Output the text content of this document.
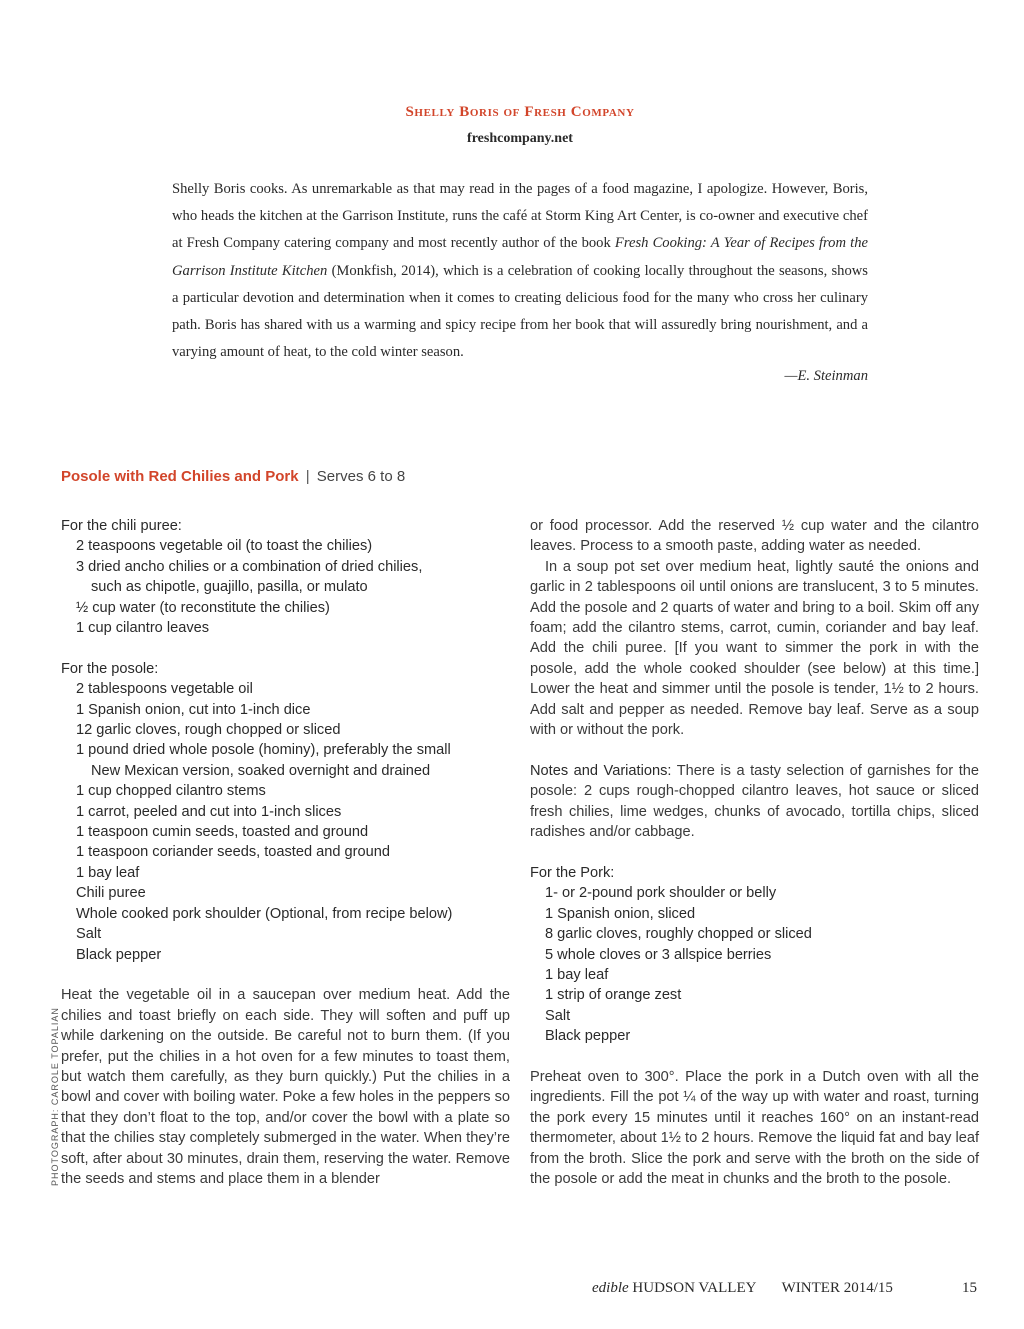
Shelly Boris of Fresh Company
freshcompany.net
Shelly Boris cooks. As unremarkable as that may read in the pages of a food magazine, I apologize. However, Boris, who heads the kitchen at the Garrison Institute, runs the café at Storm King Art Center, is co-owner and executive chef at Fresh Company catering company and most recently author of the book Fresh Cooking: A Year of Recipes from the Garrison Institute Kitchen (Monkfish, 2014), which is a celebration of cooking locally throughout the seasons, shows a particular devotion and determination when it comes to creating delicious food for the many who cross her culinary path. Boris has shared with us a warming and spicy recipe from her book that will assuredly bring nourishment, and a varying amount of heat, to the cold winter season.
—E. Steinman
Posole with Red Chilies and Pork | Serves 6 to 8
For the chili puree:
2 teaspoons vegetable oil (to toast the chilies)
3 dried ancho chilies or a combination of dried chilies,
such as chipotle, guajillo, pasilla, or mulato
½ cup water (to reconstitute the chilies)
1 cup cilantro leaves
For the posole:
2 tablespoons vegetable oil
1 Spanish onion, cut into 1-inch dice
12 garlic cloves, rough chopped or sliced
1 pound dried whole posole (hominy), preferably the small
New Mexican version, soaked overnight and drained
1 cup chopped cilantro stems
1 carrot, peeled and cut into 1-inch slices
1 teaspoon cumin seeds, toasted and ground
1 teaspoon coriander seeds, toasted and ground
1 bay leaf
Chili puree
Whole cooked pork shoulder (Optional, from recipe below)
Salt
Black pepper
Heat the vegetable oil in a saucepan over medium heat. Add the chilies and toast briefly on each side. They will soften and puff up while darkening on the outside. Be careful not to burn them. (If you prefer, put the chilies in a hot oven for a few minutes to toast them, but watch them carefully, as they burn quickly.) Put the chilies in a bowl and cover with boiling water. Poke a few holes in the peppers so that they don’t float to the top, and/or cover the bowl with a plate so that the chilies stay completely submerged in the water. When they’re soft, after about 30 minutes, drain them, reserving the water. Remove the seeds and stems and place them in a blender
or food processor. Add the reserved ½ cup water and the cilantro leaves. Process to a smooth paste, adding water as needed.
In a soup pot set over medium heat, lightly sauté the onions and garlic in 2 tablespoons oil until onions are translucent, 3 to 5 minutes. Add the posole and 2 quarts of water and bring to a boil. Skim off any foam; add the cilantro stems, carrot, cumin, coriander and bay leaf. Add the chili puree. [If you want to simmer the pork in with the posole, add the whole cooked shoulder (see below) at this time.] Lower the heat and simmer until the posole is tender, 1½ to 2 hours. Add salt and pepper as needed. Remove bay leaf. Serve as a soup with or without the pork.
Notes and Variations: There is a tasty selection of garnishes for the posole: 2 cups rough-chopped cilantro leaves, hot sauce or sliced fresh chilies, lime wedges, chunks of avocado, tortilla chips, sliced radishes and/or cabbage.
For the Pork:
1- or 2-pound pork shoulder or belly
1 Spanish onion, sliced
8 garlic cloves, roughly chopped or sliced
5 whole cloves or 3 allspice berries
1 bay leaf
1 strip of orange zest
Salt
Black pepper
Preheat oven to 300°. Place the pork in a Dutch oven with all the ingredients. Fill the pot ¼ of the way up with water and roast, turning the pork every 15 minutes until it reaches 160° on an instant-read thermometer, about 1½ to 2 hours. Remove the liquid fat and bay leaf from the broth. Slice the pork and serve with the broth on the side of the posole or add the meat in chunks and the broth to the posole.
PHOTOGRAPH: CAROLE TOPALIAN
edible HUDSON VALLEY WINTER 2014/15	15
